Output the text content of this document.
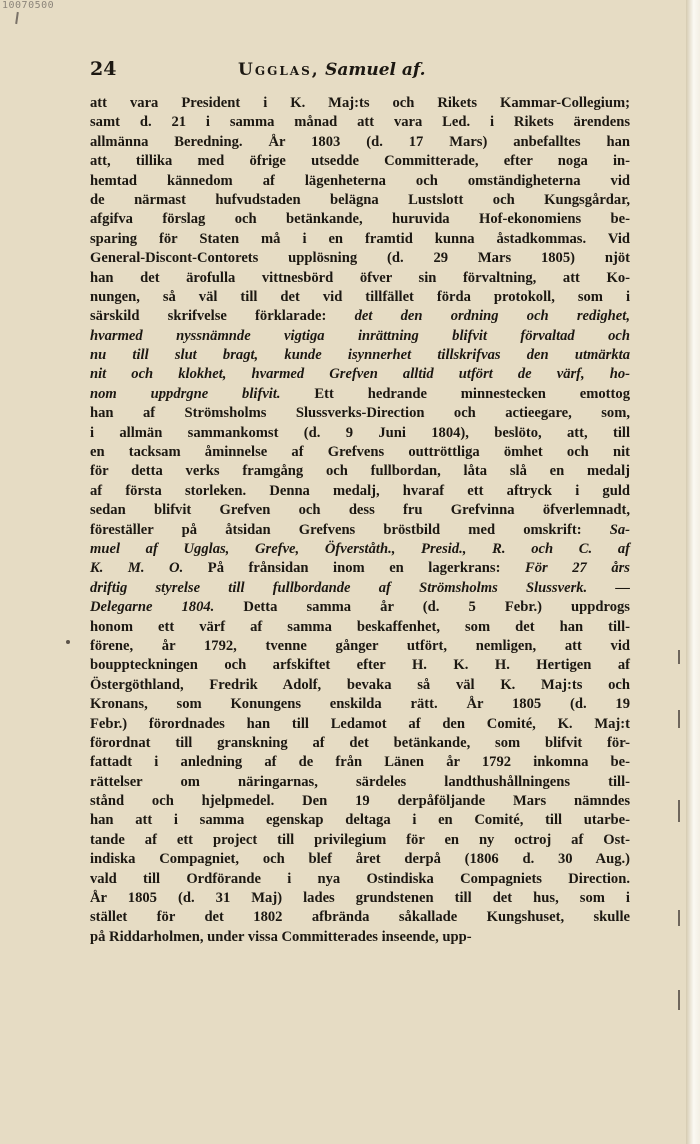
10070500
24	Ugglas, Samuel af.
att vara President i K. Maj:ts och Rikets Kammar-Collegium;
samt d. 21 i samma månad att vara Led. i Rikets ärendens
allmänna Beredning. År 1803 (d. 17 Mars) anbefalltes han
att, tillika med öfrige utsedde Committerade, efter noga in-
hemtad kännedom af lägenheterna och omständigheterna vid
de närmast hufvudstaden belägna Lustslott och Kungsgårdar,
afgifva förslag och betänkande, huruvida Hof-ekonomiens be-
sparing för Staten må i en framtid kunna åstadkommas. Vid
General-Discont-Contorets upplösning (d. 29 Mars 1805) njöt
han det ärofulla vittnesbörd öfver sin förvaltning, att Ko-
nungen, så väl till det vid tillfället förda protokoll, som i
särskild skrifvelse förklarade: det den ordning och redighet,
hvarmed nyssnämnde vigtiga inrättning blifvit förvaltad och
nu till slut bragt, kunde isynnerhet tillskrifvas den utmärkta
nit och klokhet, hvarmed Grefven alltid utfört de värf, ho-
nom uppdrgne blifvit. Ett hedrande minnestecken emottog
han af Strömsholms Slussverks-Direction och actieegare, som,
i allmän sammankomst (d. 9 Juni 1804), beslöto, att, till
en tacksam åminnelse af Grefvens outtröttliga ömhet och nit
för detta verks framgång och fullbordan, låta slå en medalj
af första storleken. Denna medalj, hvaraf ett aftryck i guld
sedan blifvit Grefven och dess fru Grefvinna öfverlemnadt,
föreställer på åtsidan Grefvens bröstbild med omskrift: Sa-
muel af Ugglas, Grefve, Öfverståth., Presid., R. och C. af
K. M. O. På frånsidan inom en lagerkrans: För 27 års
driftig styrelse till fullbordande af Strömsholms Slussverk. —
Delegarne 1804. Detta samma år (d. 5 Febr.) uppdrogs
honom ett värf af samma beskaffenhet, som det han till-
förene, år 1792, tvenne gånger utfört, nemligen, att vid
bouppteckningen och arfskiftet efter H. K. H. Hertigen af
Östergöthland, Fredrik Adolf, bevaka så väl K. Maj:ts och
Kronans, som Konungens enskilda rätt. År 1805 (d. 19
Febr.) förordnades han till Ledamot af den Comité, K. Maj:t
förordnat till granskning af det betänkande, som blifvit för-
fattadt i anledning af de från Länen år 1792 inkomna be-
rättelser om näringarnas, särdeles landthushållningens till-
stånd och hjelpmedel. Den 19 derpåföljande Mars nämndes
han att i samma egenskap deltaga i en Comité, till utarbe-
tande af ett project till privilegium för en ny octroj af Ost-
indiska Compagniet, och blef året derpå (1806 d. 30 Aug.)
vald till Ordförande i nya Ostindiska Compagniets Direction.
År 1805 (d. 31 Maj) lades grundstenen till det hus, som i
stället för det 1802 afbrända såkallade Kungshuset, skulle
på Riddarholmen, under vissa Committerades inseende, upp-
